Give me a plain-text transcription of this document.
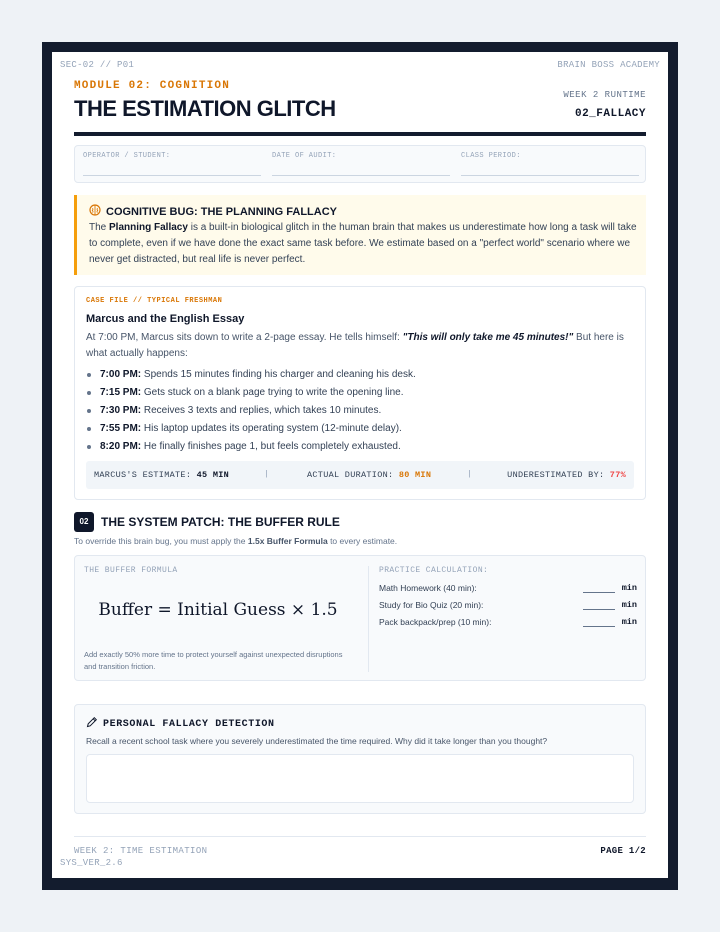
SEC-02 // P01	BRAIN BOSS ACADEMY
SYS_VER_2.6
MODULE 02: COGNITION
THE ESTIMATION GLITCH
WEEK 2 RUNTIME
02_FALLACY
OPERATOR / STUDENT:	DATE OF AUDIT:	CLASS PERIOD:
COGNITIVE BUG: THE PLANNING FALLACY
The Planning Fallacy is a built-in biological glitch in the human brain that makes us underestimate how long a task will take to complete, even if we have done the exact same task before. We estimate based on a "perfect world" scenario where we never get distracted, but real life is never perfect.
CASE FILE // TYPICAL FRESHMAN
Marcus and the English Essay
At 7:00 PM, Marcus sits down to write a 2-page essay. He tells himself: "This will only take me 45 minutes!" But here is what actually happens:
7:00 PM: Spends 15 minutes finding his charger and cleaning his desk.
7:15 PM: Gets stuck on a blank page trying to write the opening line.
7:30 PM: Receives 3 texts and replies, which takes 10 minutes.
7:55 PM: His laptop updates its operating system (12-minute delay).
8:20 PM: He finally finishes page 1, but feels completely exhausted.
MARCUS'S ESTIMATE: 45 MIN	|	ACTUAL DURATION: 80 MIN	|	UNDERESTIMATED BY: 77%
02	THE SYSTEM PATCH: THE BUFFER RULE
To override this brain bug, you must apply the 1.5x Buffer Formula to every estimate.
THE BUFFER FORMULA
Buffer = Initial Guess × 1.5
Add exactly 50% more time to protect yourself against unexpected disruptions and transition friction.
PRACTICE CALCULATION:
Math Homework (40 min):	min
Study for Bio Quiz (20 min):	min
Pack backpack/prep (10 min):	min
PERSONAL FALLACY DETECTION
Recall a recent school task where you severely underestimated the time required. Why did it take longer than you thought?
WEEK 2: TIME ESTIMATION	PAGE 1/2
